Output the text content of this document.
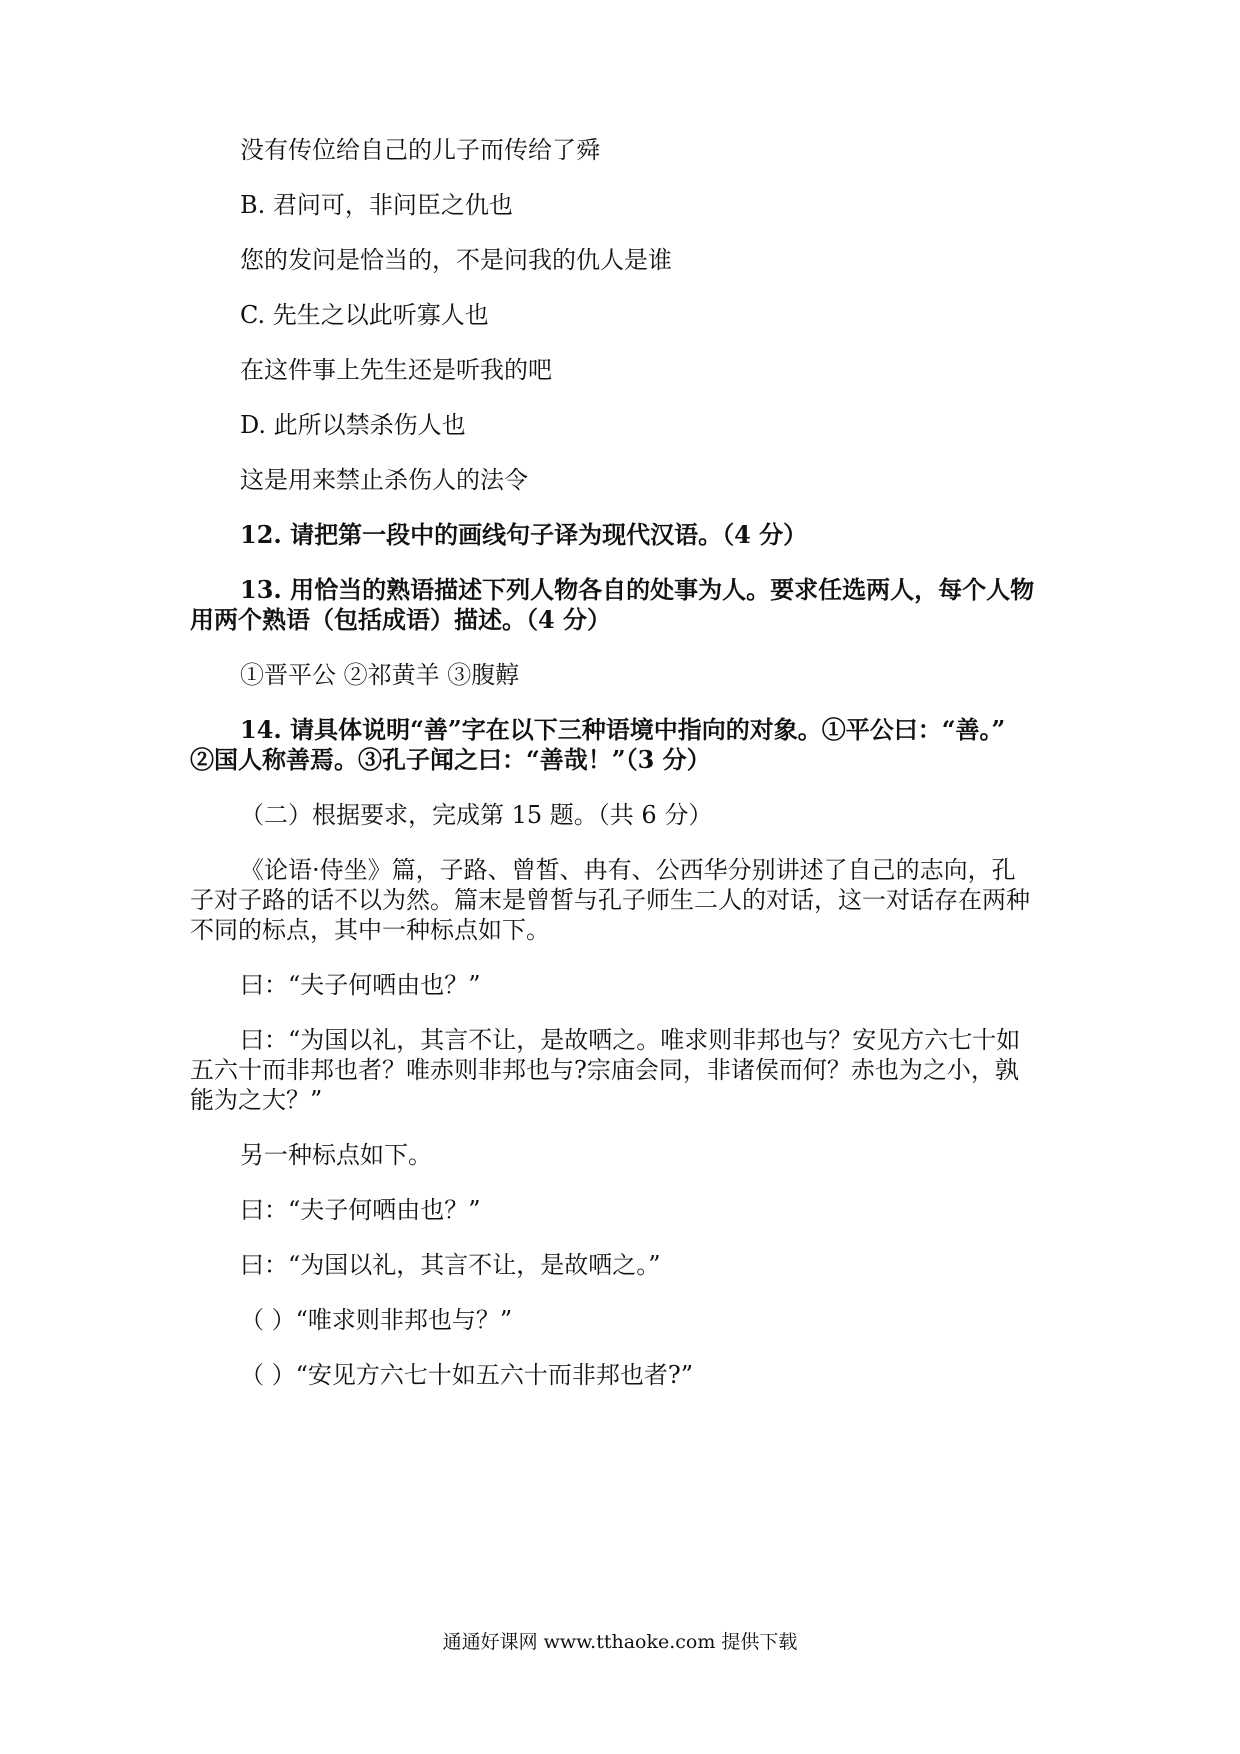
没有传位给自己的儿子而传给了舜
B. 君问可，非问臣之仇也
您的发问是恰当的，不是问我的仇人是谁
C. 先生之以此听寡人也
在这件事上先生还是听我的吧
D. 此所以禁杀伤人也
这是用来禁止杀伤人的法令
12. 请把第一段中的画线句子译为现代汉语。（4 分）
13. 用恰当的熟语描述下列人物各自的处事为人。要求任选两人，每个人物
用两个熟语（包括成语）描述。（4 分）
①晋平公 ②祁黄羊 ③腹䵍
14. 请具体说明“善”字在以下三种语境中指向的对象。①平公曰：“善。”
②国人称善焉。③孔子闻之曰：“善哉！”（3 分）
（二）根据要求，完成第 15 题。（共 6 分）
《论语·侍坐》篇，子路、曾皙、冉有、公西华分别讲述了自己的志向，孔
子对子路的话不以为然。篇末是曾皙与孔子师生二人的对话，这一对话存在两种
不同的标点，其中一种标点如下。
曰：“夫子何哂由也？”
曰：“为国以礼，其言不让，是故哂之。唯求则非邦也与？安见方六七十如
五六十而非邦也者？唯赤则非邦也与?宗庙会同，非诸侯而何？赤也为之小，孰
能为之大？”
另一种标点如下。
曰：“夫子何哂由也？”
曰：“为国以礼，其言不让，是故哂之。”
（ ）“唯求则非邦也与？”
（ ）“安见方六七十如五六十而非邦也者?”
通通好课网 www.tthaoke.com 提供下载
